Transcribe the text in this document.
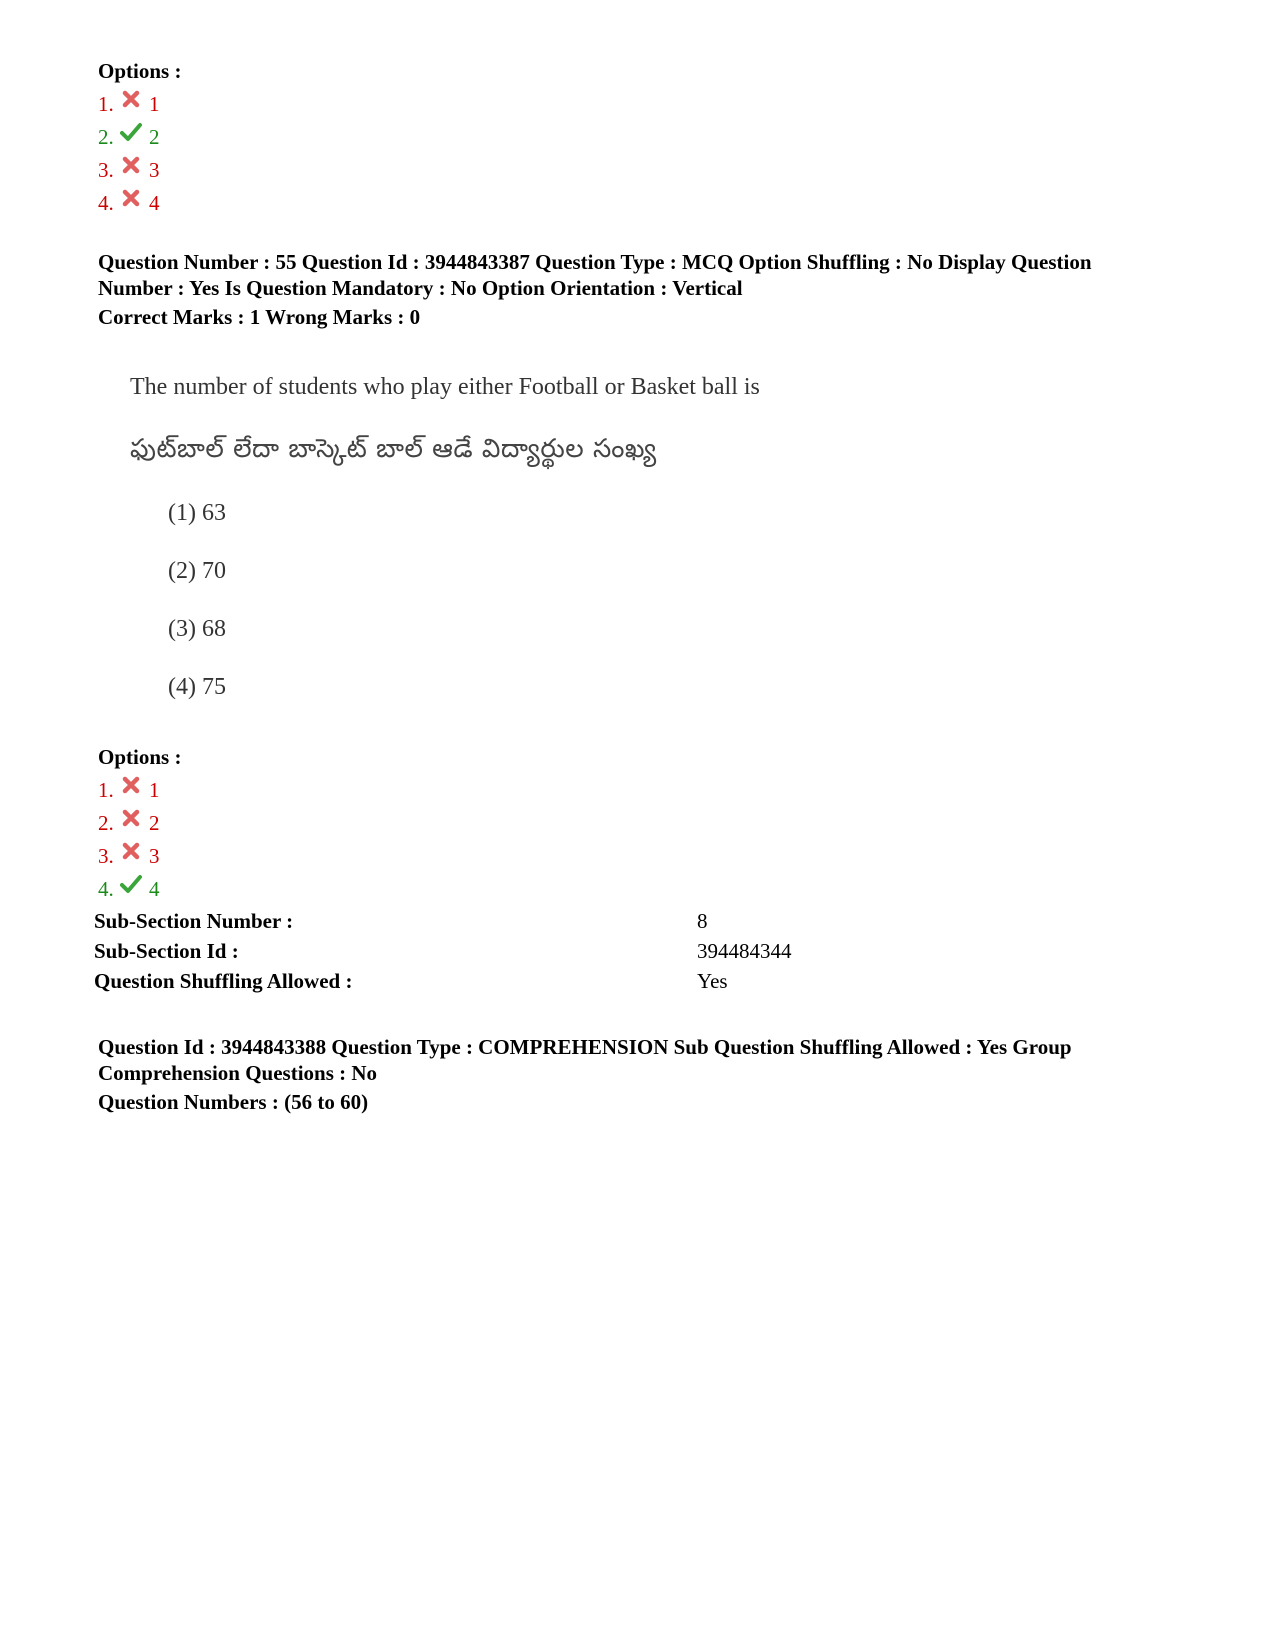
Options :
1. 1
2. 2
3. 3
4. 4
Question Number : 55 Question Id : 3944843387 Question Type : MCQ Option Shuffling : No Display Question
Number : Yes Is Question Mandatory : No Option Orientation : Vertical
Correct Marks : 1 Wrong Marks : 0
The number of students who play either Football or Basket ball is
ఫుట్‌బాల్ లేదా బాస్కెట్ బాల్ ఆడే విద్యార్థుల సంఖ్య
(1) 63
(2) 70
(3) 68
(4) 75
Options :
1. 1
2. 2
3. 3
4. 4
Sub-Section Number :	8
Sub-Section Id :	394484344
Question Shuffling Allowed :	Yes
Question Id : 3944843388 Question Type : COMPREHENSION Sub Question Shuffling Allowed : Yes Group
Comprehension Questions : No
Question Numbers : (56 to 60)
